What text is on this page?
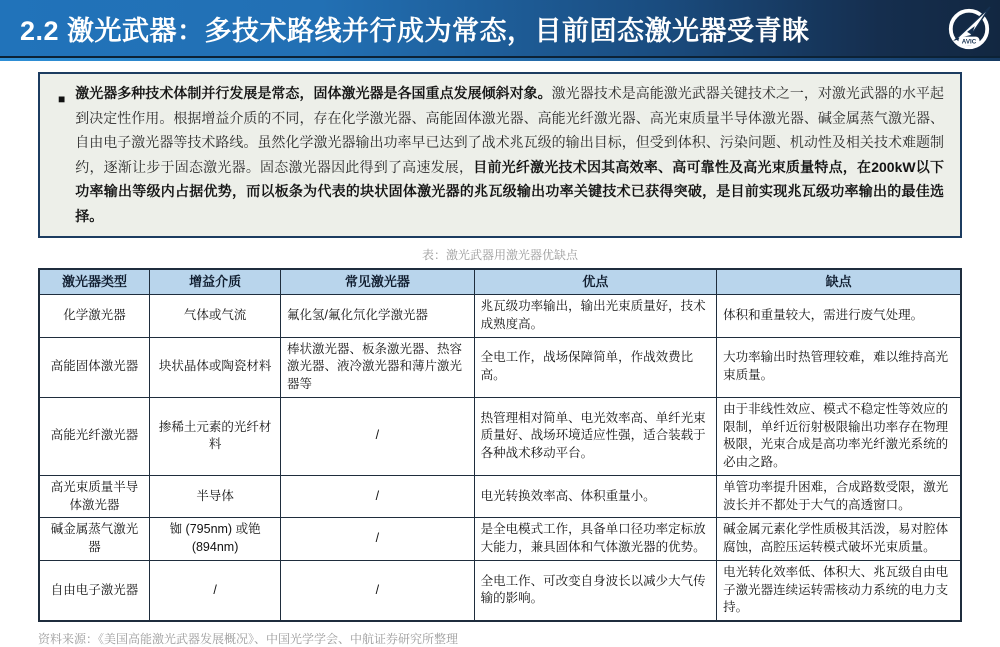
2.2 激光武器：多技术路线并行成为常态，目前固态激光器受青睐	AVIC
■ 激光器多种技术体制并行发展是常态，固体激光器是各国重点发展倾斜对象。激光器技术是高能激光武器关键技术之一，对激光武器的水平起到决定性作用。根据增益介质的不同，存在化学激光器、高能固体激光器、高能光纤激光器、高光束质量半导体激光器、碱金属蒸气激光器、自由电子激光器等技术路线。虽然化学激光器输出功率早已达到了战术兆瓦级的输出目标，但受到体积、污染问题、机动性及相关技术难题制约，逐渐让步于固态激光器。固态激光器因此得到了高速发展，目前光纤激光技术因其高效率、高可靠性及高光束质量特点，在200kW以下功率输出等级内占据优势，而以板条为代表的块状固体激光器的兆瓦级输出功率关键技术已获得突破，是目前实现兆瓦级功率输出的最佳选择。

表：激光武器用激光器优缺点
激光器类型	增益介质	常见激光器	优点	缺点
化学激光器	气体或气流	氟化氢/氟化氘化学激光器	兆瓦级功率输出，输出光束质量好，技术成熟度高。	体积和重量较大，需进行废气处理。
高能固体激光器	块状晶体或陶瓷材料	棒状激光器、板条激光器、热容激光器、液冷激光器和薄片激光器等	全电工作，战场保障简单，作战效费比高。	大功率输出时热管理较难，难以维持高光束质量。
高能光纤激光器	掺稀土元素的光纤材料	/	热管理相对简单、电光效率高、单纤光束质量好、战场环境适应性强，适合装载于各种战术移动平台。	由于非线性效应、模式不稳定性等效应的限制，单纤近衍射极限输出功率存在物理极限，光束合成是高功率光纤激光系统的必由之路。
高光束质量半导体激光器	半导体	/	电光转换效率高、体积重量小。	单管功率提升困难，合成路数受限，激光波长并不都处于大气的高透窗口。
碱金属蒸气激光器	铷 (795nm) 或铯 (894nm)	/	是全电模式工作，具备单口径功率定标放大能力，兼具固体和气体激光器的优势。	碱金属元素化学性质极其活泼，易对腔体腐蚀，高腔压运转模式破坏光束质量。
自由电子激光器	/	/	全电工作、可改变自身波长以减少大气传输的影响。	电光转化效率低、体积大、兆瓦级自由电子激光器连续运转需核动力系统的电力支持。
资料来源：《美国高能激光武器发展概况》、中国光学学会、中航证券研究所整理
